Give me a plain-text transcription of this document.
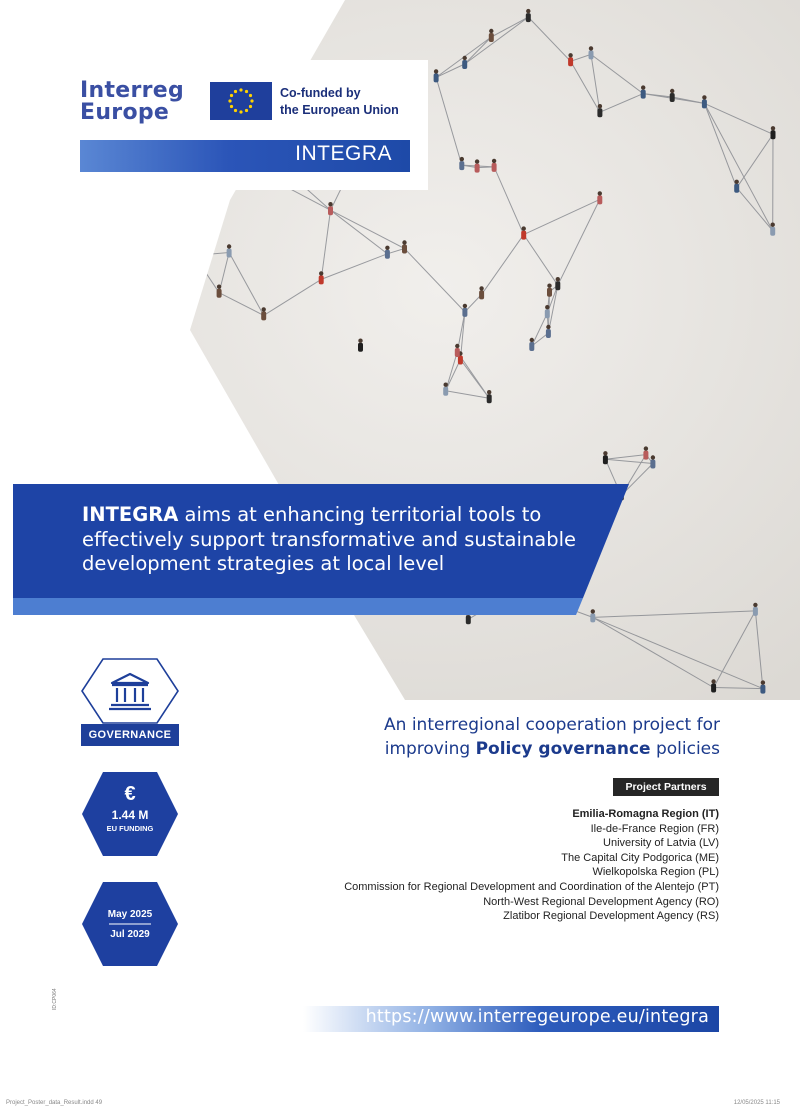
Interreg
Europe
Co-funded by
the European Union
INTEGRA
INTEGRA aims at enhancing territorial tools to effectively support transformative and sustainable development strategies at local level
GOVERNANCE
€
1.44 M
EU FUNDING
May 2025
Jul 2029
An interregional cooperation project for
improving Policy governance policies
Project Partners
Emilia-Romagna Region (IT)
Ile-de-France Region (FR)
University of Latvia (LV)
The Capital City Podgorica (ME)
Wielkopolska Region (PL)
Commission for Regional Development and Coordination of the Alentejo (PT)
North-West Regional Development Agency (RO)
Zlatibor Regional Development Agency (RS)
https://www.interregeurope.eu/integra
ID:CP064
Project_Poster_data_Result.indd 49	12/05/2025 11:15
